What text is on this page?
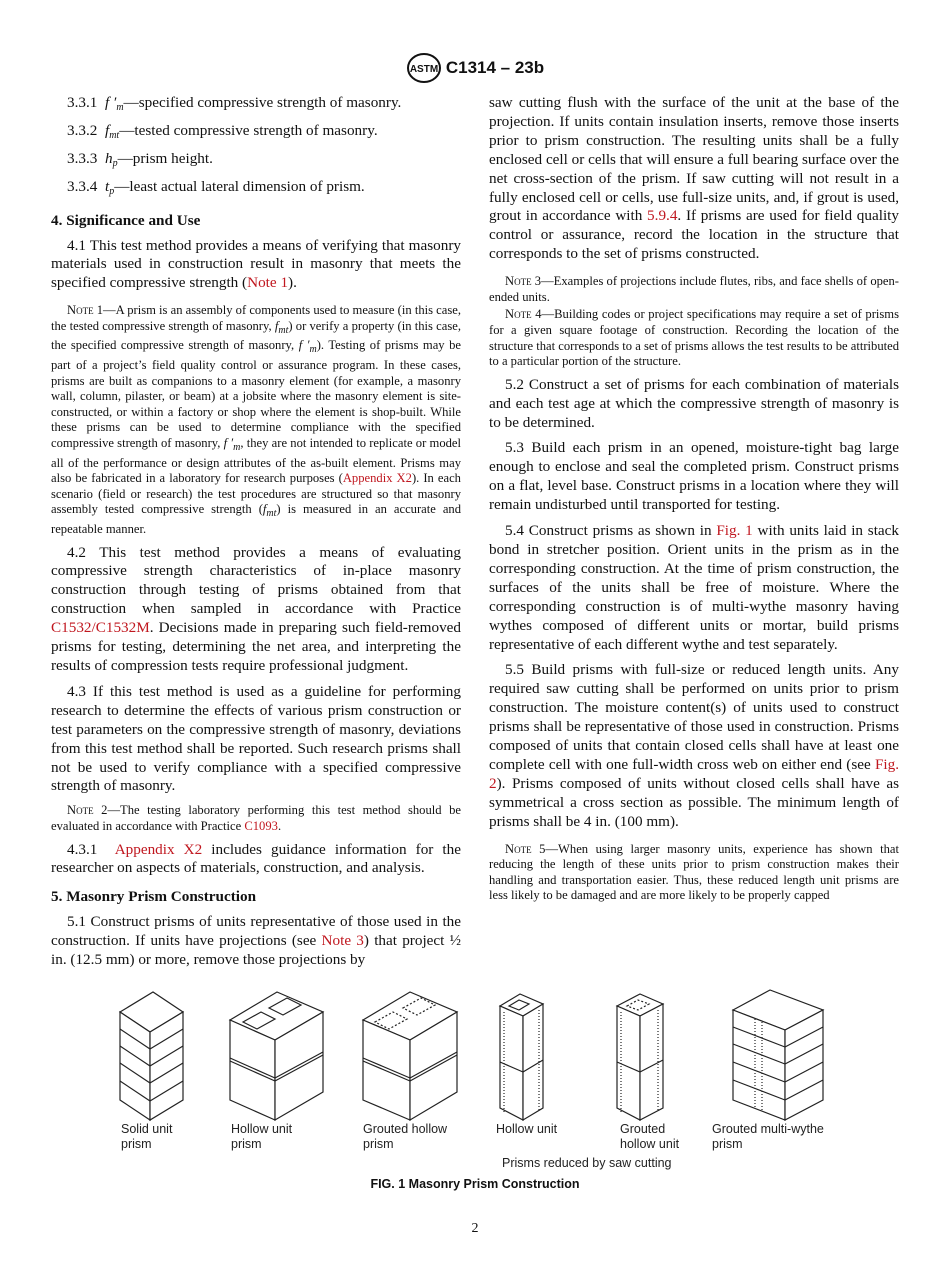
ASTM C1314 – 23b

3.3.1 f $'_m—specified$ compressive strength of masonry.

3.3.2 $f_{mt}—tested$ compressive strength of masonry.

3.3.3 $h_p—prism$ height.

3.3.4 $t_p—least$ actual lateral dimension of prism.

4. Significance and Use

4.1 This test method provides a means of verifying that masonry materials used in construction result in masonry that meets the specified compressive strength (Note 1).

Note 1—A prism is an assembly of components used to measure (in this case, the tested compressive strength of masonry, $f_{mt}$) or verify a property (in this case, the specified compressive strength of masonry, f $'_m$). Testing of prisms may be part of a project’s field quality control or assurance program. In these cases, prisms are built as companions to a masonry element (for example, a masonry wall, column, pilaster, or beam) at a jobsite where the masonry element is site-constructed, or within a factory or shop where the element is shop-built. While these prisms can be used to determine compliance with the specified compressive strength of masonry, f $'_m$, they are not intended to replicate or model all of the performance or design attributes of the as-built element. Prisms may also be fabricated in a laboratory for research purposes (Appendix X2). In each scenario (field or research) the test procedures are structured so that masonry assembly tested compressive strength $(f_{mt})$ is measured in an accurate and repeatable manner.

4.2 This test method provides a means of evaluating compressive strength characteristics of in-place masonry construction through testing of prisms obtained from that construction when sampled in accordance with Practice C1532/C1532M. Decisions made in preparing such field-removed prisms for testing, determining the net area, and interpreting the results of compression tests require professional judgment.

4.3 If this test method is used as a guideline for performing research to determine the effects of various prism construction or test parameters on the compressive strength of masonry, deviations from this test method shall be reported. Such research prisms shall not be used to verify compliance with a specified compressive strength of masonry.

Note 2—The testing laboratory performing this test method should be evaluated in accordance with Practice C1093.

4.3.1 Appendix X2 includes guidance information for the researcher on aspects of materials, construction, and analysis.

5. Masonry Prism Construction

5.1 Construct prisms of units representative of those used in the construction. If units have projections (see Note 3) that project ½ in. (12.5 mm) or more, remove those projections by

saw cutting flush with the surface of the unit at the base of the projection. If units contain insulation inserts, remove those inserts prior to prism construction. The resulting units shall be a fully enclosed cell or cells that will ensure a full bearing surface over the net cross-section of the prism. If saw cutting will not result in a fully enclosed cell or cells, use full-size units, and, if grout is used, grout in accordance with 5.9.4. If prisms are used for field quality control or assurance, record the location in the structure that corresponds to the set of prisms constructed.

Note 3—Examples of projections include flutes, ribs, and face shells of open-ended units.

Note 4—Building codes or project specifications may require a set of prisms for a given square footage of construction. Recording the location of the structure that corresponds to a set of prisms allows the test results to be attributed to a particular portion of the structure.

5.2 Construct a set of prisms for each combination of materials and each test age at which the compressive strength of masonry is to be determined.

5.3 Build each prism in an opened, moisture-tight bag large enough to enclose and seal the completed prism. Construct prisms on a flat, level base. Construct prisms in a location where they will remain undisturbed until transported for testing.

5.4 Construct prisms as shown in Fig. 1 with units laid in stack bond in stretcher position. Orient units in the prism as in the corresponding construction. At the time of prism construction, the surfaces of the units shall be free of moisture. Where the corresponding construction is of multi-wythe masonry having wythes composed of different units or mortar, build prisms representative of each different wythe and test separately.

5.5 Build prisms with full-size or reduced length units. Any required saw cutting shall be performed on units prior to prism construction. The moisture content(s) of units used to construct prisms shall be representative of those used in construction. Prisms composed of units that contain closed cells shall have at least one complete cell with one full-width cross web on either end (see Fig. 2). Prisms composed of units without closed cells shall have as symmetrical a cross section as possible. The minimum length of prisms shall be 4 in. (100 mm).

Note 5—When using larger masonry units, experience has shown that reducing the length of these units prior to prism construction makes their handling and transportation easier. Thus, these reduced length unit prisms are less likely to be damaged and are more likely to be properly capped

Solid unit
prism
Hollow unit
prism
Grouted hollow
prism
Hollow unit	Grouted
hollow unit
Grouted multi-wythe
prism
Prisms reduced by saw cutting
FIG. 1 Masonry Prism Construction
2
